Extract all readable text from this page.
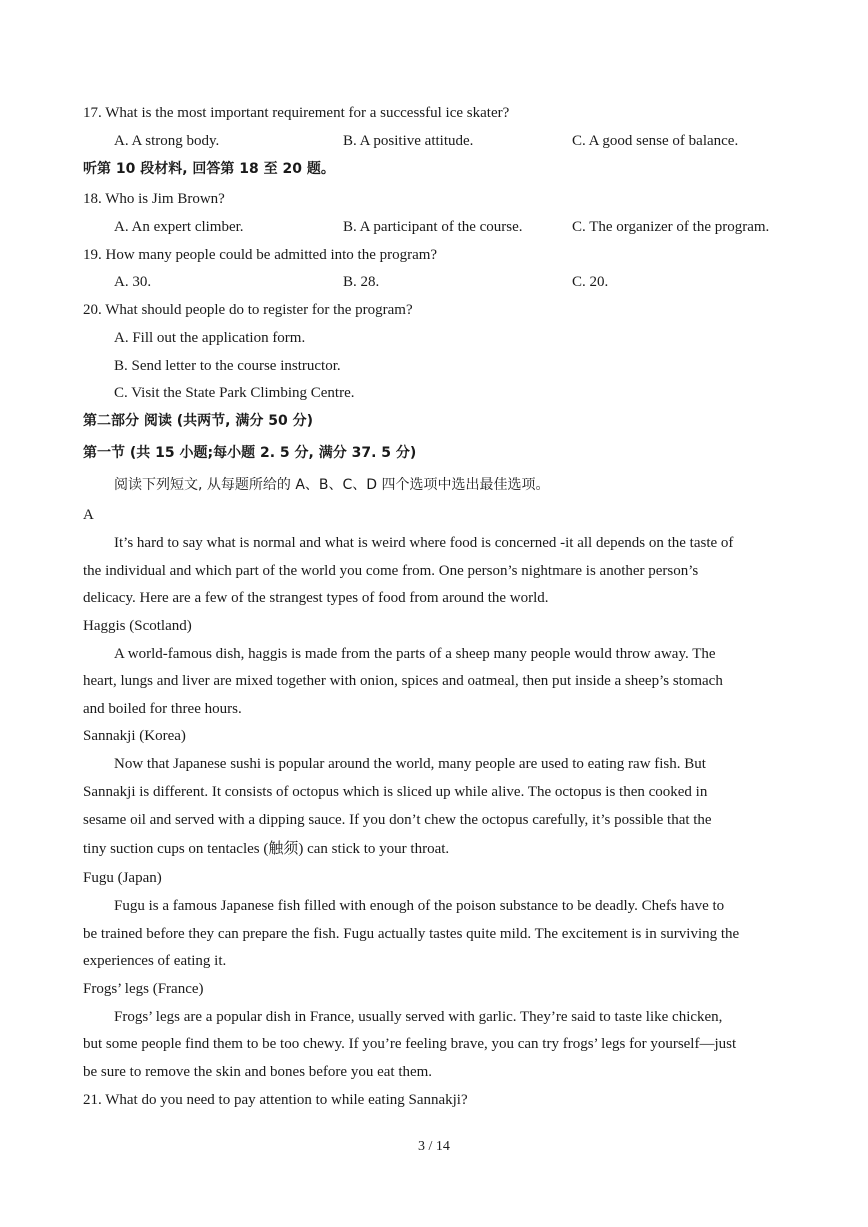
17. What is the most important requirement for a successful ice skater?
A. A strong body.	B. A positive attitude.	C. A good sense of balance.
听第 10 段材料, 回答第 18 至 20 题。
18. Who is Jim Brown?
A. An expert climber.	B. A participant of the course.	C. The organizer of the program.
19. How many people could be admitted into the program?
A. 30.	B. 28.	C. 20.
20. What should people do to register for the program?
A. Fill out the application form.
B. Send letter to the course instructor.
C. Visit the State Park Climbing Centre.
第二部分 阅读 (共两节, 满分 50 分)
第一节 (共 15 小题;每小题 2. 5 分, 满分 37. 5 分)
阅读下列短文, 从每题所给的 A、B、C、D 四个选项中选出最佳选项。
A
It’s hard to say what is normal and what is weird where food is concerned -it all depends on the taste of
the individual and which part of the world you come from. One person’s nightmare is another person’s
delicacy. Here are a few of the strangest types of food from around the world.
Haggis (Scotland)
A world-famous dish, haggis is made from the parts of a sheep many people would throw away. The
heart, lungs and liver are mixed together with onion, spices and oatmeal, then put inside a sheep’s stomach
and boiled for three hours.
Sannakji (Korea)
Now that Japanese sushi is popular around the world, many people are used to eating raw fish. But
Sannakji is different. It consists of octopus which is sliced up while alive. The octopus is then cooked in
sesame oil and served with a dipping sauce. If you don’t chew the octopus carefully, it’s possible that the
tiny suction cups on tentacles (触须) can stick to your throat.
Fugu (Japan)
Fugu is a famous Japanese fish filled with enough of the poison substance to be deadly. Chefs have to
be trained before they can prepare the fish. Fugu actually tastes quite mild. The excitement is in surviving the
experiences of eating it.
Frogs’ legs (France)
Frogs’ legs are a popular dish in France, usually served with garlic. They’re said to taste like chicken,
but some people find them to be too chewy. If you’re feeling brave, you can try frogs’ legs for yourself—just
be sure to remove the skin and bones before you eat them.
21. What do you need to pay attention to while eating Sannakji?
3 / 14
